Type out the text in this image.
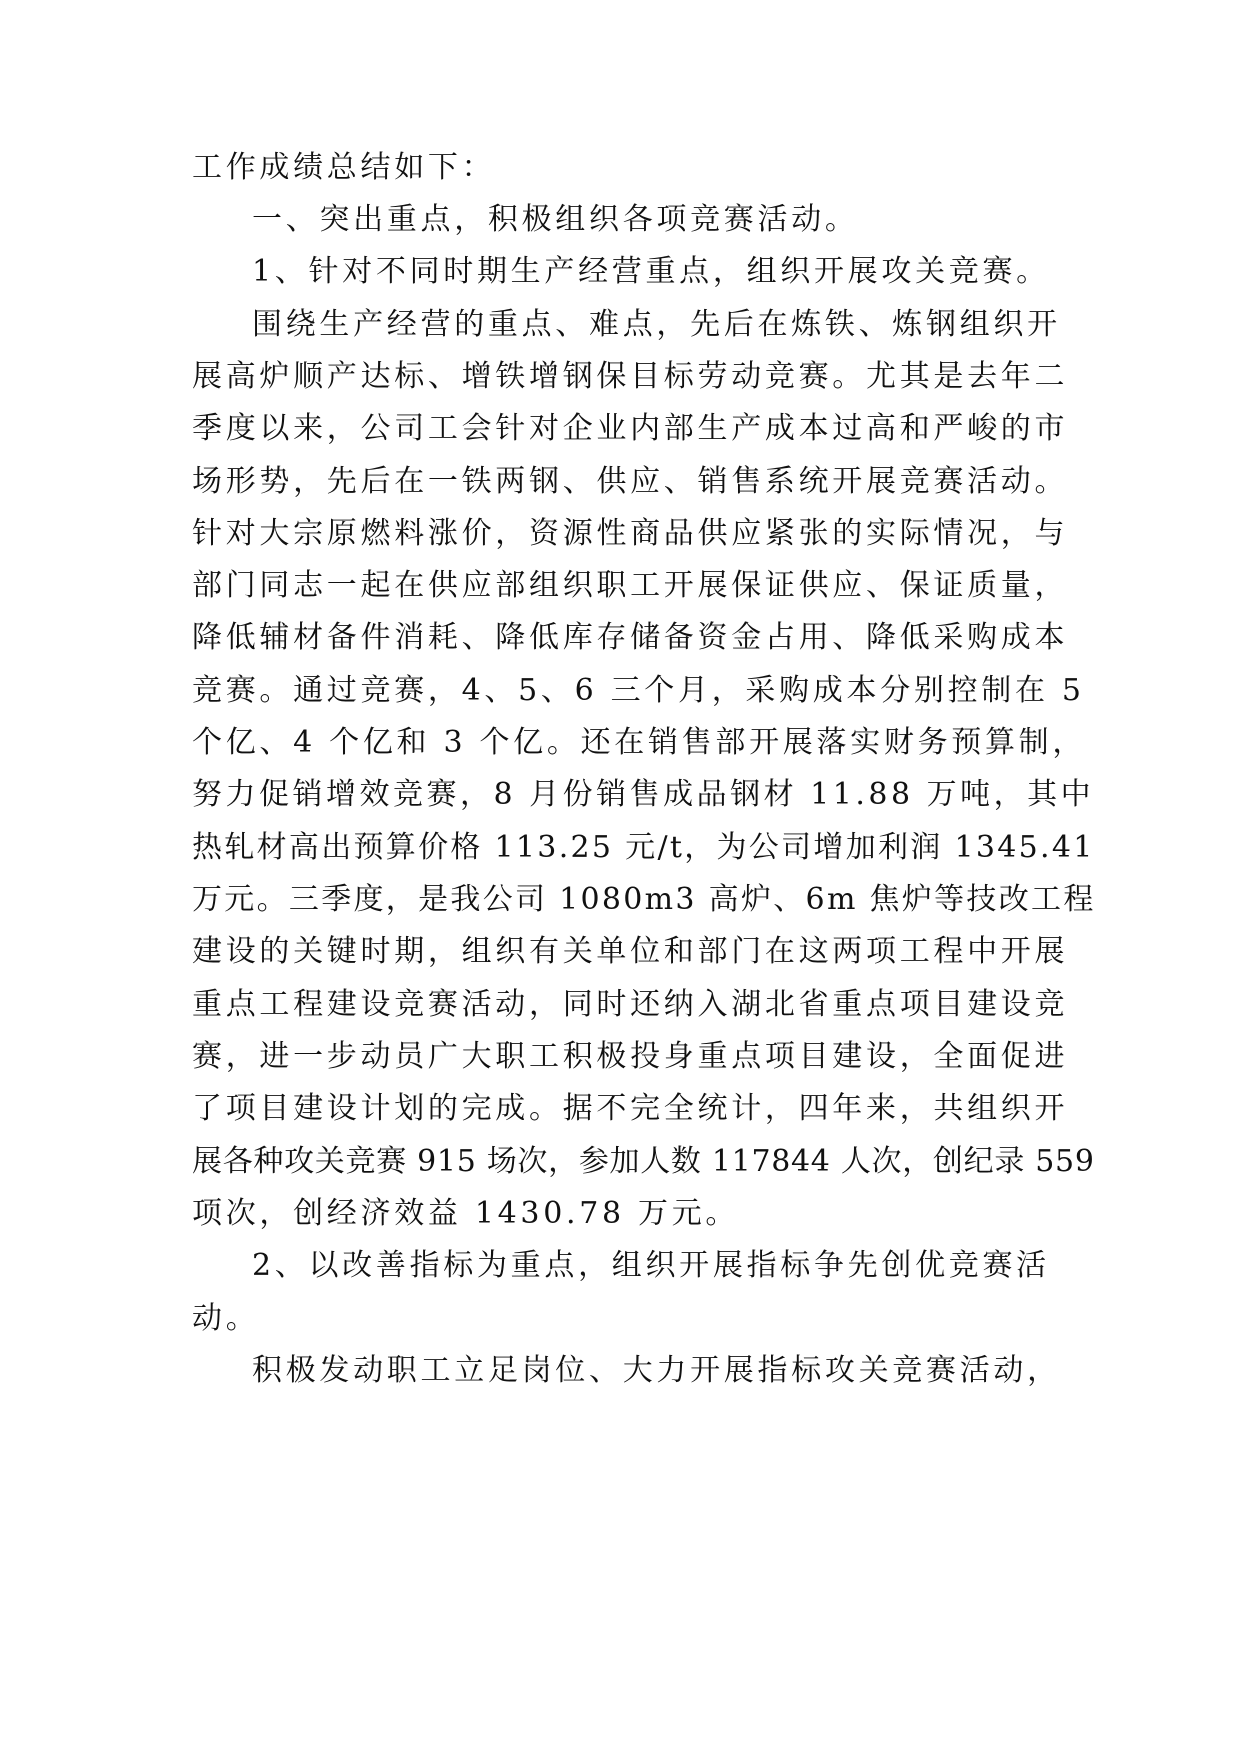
工作成绩总结如下：
一、突出重点，积极组织各项竞赛活动。
1、针对不同时期生产经营重点，组织开展攻关竞赛。
围绕生产经营的重点、难点，先后在炼铁、炼钢组织开
展高炉顺产达标、增铁增钢保目标劳动竞赛。尤其是去年二
季度以来，公司工会针对企业内部生产成本过高和严峻的市
场形势，先后在一铁两钢、供应、销售系统开展竞赛活动。
针对大宗原燃料涨价，资源性商品供应紧张的实际情况，与
部门同志一起在供应部组织职工开展保证供应、保证质量，
降低辅材备件消耗、降低库存储备资金占用、降低采购成本
竞赛。通过竞赛，4、5、6 三个月，采购成本分别控制在 5
个亿、4 个亿和 3 个亿。还在销售部开展落实财务预算制，
努力促销增效竞赛，8 月份销售成品钢材 11.88 万吨，其中
热轧材高出预算价格 113.25 元/t，为公司增加利润 1345.41
万元。三季度，是我公司 1080m3 高炉、6m 焦炉等技改工程
建设的关键时期，组织有关单位和部门在这两项工程中开展
重点工程建设竞赛活动，同时还纳入湖北省重点项目建设竞
赛，进一步动员广大职工积极投身重点项目建设，全面促进
了项目建设计划的完成。据不完全统计，四年来，共组织开
展各种攻关竞赛 915 场次，参加人数 117844 人次，创纪录 559
项次，创经济效益 1430.78 万元。
2、以改善指标为重点，组织开展指标争先创优竞赛活
动。
积极发动职工立足岗位、大力开展指标攻关竞赛活动，
